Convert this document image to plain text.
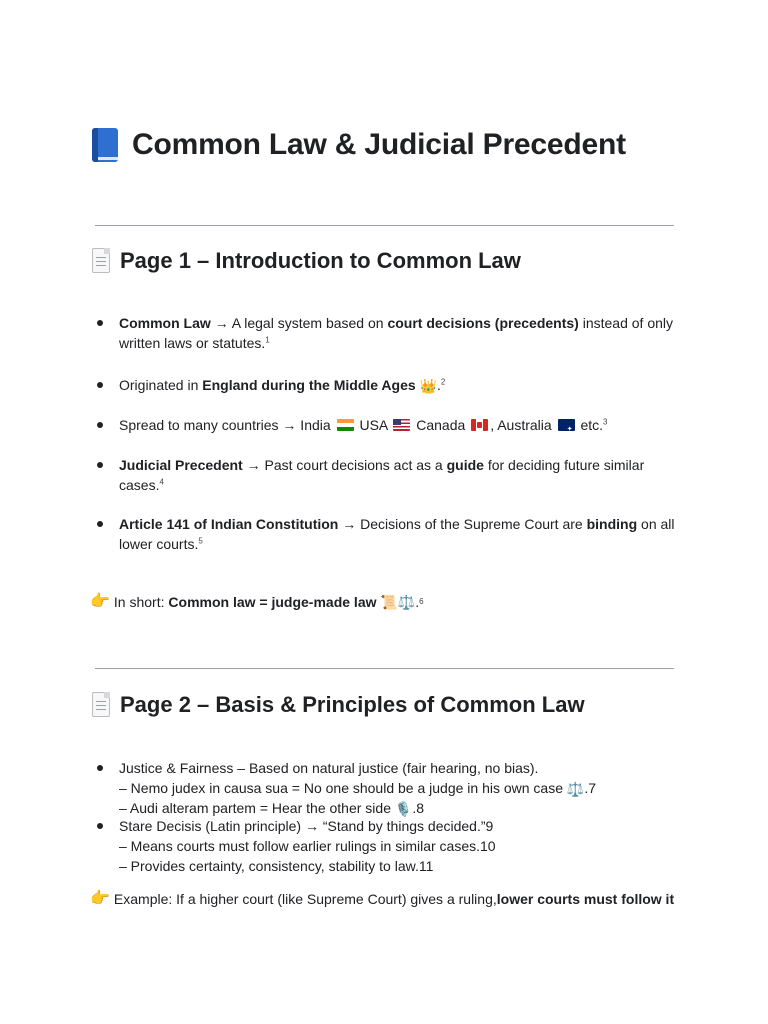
Common Law & Judicial Precedent
Page 1 – Introduction to Common Law
Common Law → A legal system based on court decisions (precedents) instead of only written laws or statutes.$^1$
Originated in England during the Middle Ages 👑.$^2$
Spread to many countries → India  USA Canada , Australia ✦ etc.$^3$
Judicial Precedent → Past court decisions act as a guide for deciding future similar cases.$^4$
Article 141 of Indian Constitution → Decisions of the Supreme Court are binding on all lower courts.$^5$
👉 In short:
Common law = judge-made law
📜 ⚖️ . 6
Page 2 – Basis & Principles of Common Law
Justice & Fairness – Based on natural justice (fair hearing, no bias).
– Nemo judex in causa sua = No one should be a judge in his own case ⚖️.7
– Audi alteram partem = Hear the other side 🎙️.8
Stare Decisis (Latin principle) → “Stand by things decided.”9
– Means courts must follow earlier rulings in similar cases.10
– Provides certainty, consistency, stability to law.11
👉 Example: If a higher court (like Supreme Court) gives a ruling, lower courts must follow it
